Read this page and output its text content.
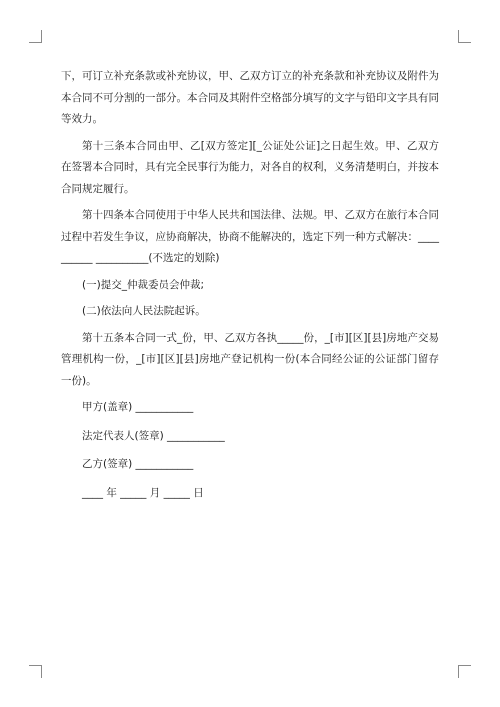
下，可订立补充条款或补充协议，甲、乙双方订立的补充条款和补充协议及附件为本合同不可分割的一部分。本合同及其附件空格部分填写的文字与铅印文字具有同等效力。

第十三条本合同由甲、乙[双方签定][_公证处公证]之日起生效。甲、乙双方在签署本合同时，具有完全民事行为能力，对各自的权利，义务清楚明白，并按本合同规定履行。

第十四条本合同使用于中华人民共和国法律、法规。甲、乙双方在旅行本合同过程中若发生争议，应协商解决，协商不能解决的，选定下列一种方式解决：__________ __________(不选定的划除)

(一)提交_仲裁委员会仲裁;

(二)依法向人民法院起诉。

第十五条本合同一式_份，甲、乙双方各执_____份，_[市][区][县]房地产交易管理机构一份，_[市][区][县]房地产登记机构一份(本合同经公证的公证部门留存一份)。

甲方(盖章) ___________

法定代表人(签章) ___________

乙方(签章) ___________

____ 年 _____ 月 _____ 日
